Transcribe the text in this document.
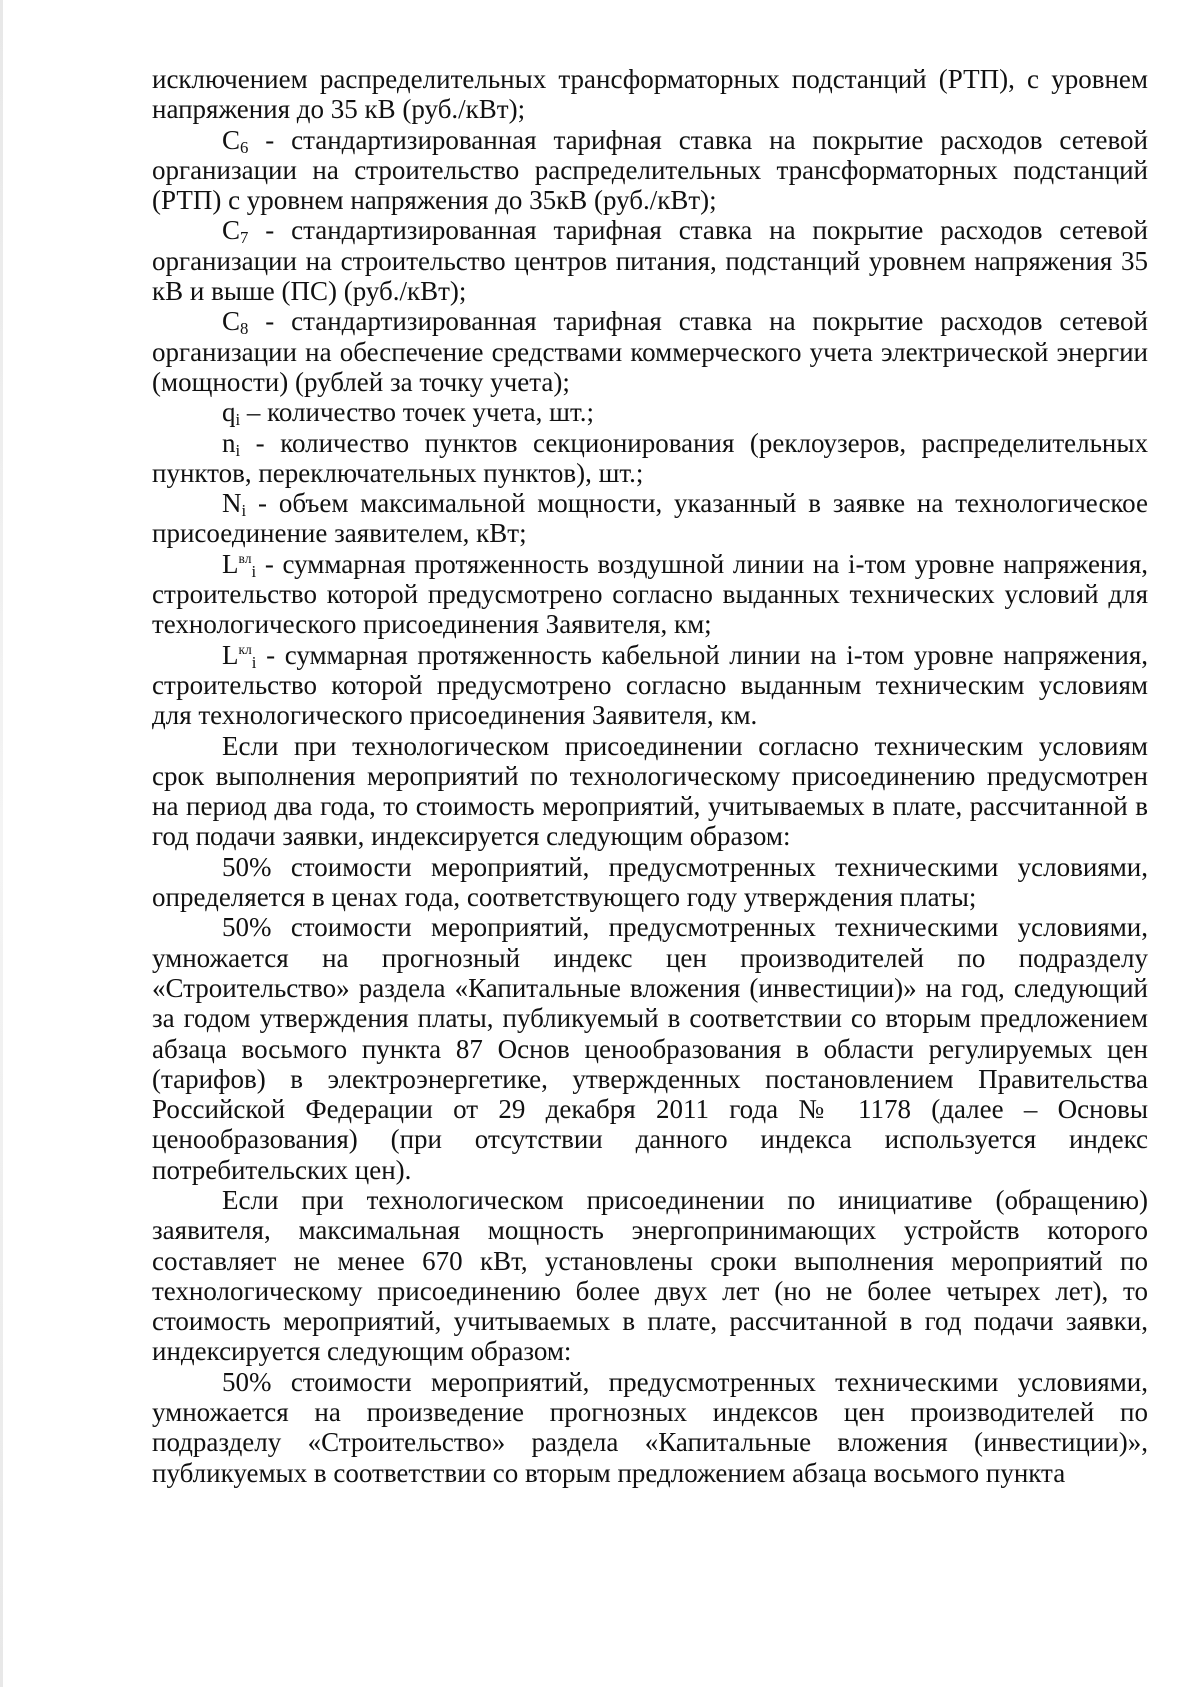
исключением распределительных трансформаторных подстанций (РТП), с уровнем напряжения до 35 кВ (руб./кВт);

$С_6$ - стандартизированная тарифная ставка на покрытие расходов сетевой организации на строительство распределительных трансформаторных подстанций (РТП) с уровнем напряжения до 35кВ (руб./кВт);

$С_7$ - стандартизированная тарифная ставка на покрытие расходов сетевой организации на строительство центров питания, подстанций уровнем напряжения 35 кВ и выше (ПС) (руб./кВт);

$С_8$ - стандартизированная тарифная ставка на покрытие расходов сетевой организации на обеспечение средствами коммерческого учета электрической энергии (мощности) (рублей за точку учета);

$q_i$ – количество точек учета, шт.;

$n_i$ - количество пунктов секционирования (реклоузеров, распределительных пунктов, переключательных пунктов), шт.;

$N_i$ - объем максимальной мощности, указанный в заявке на технологическое присоединение заявителем, кВт;

$L^{вл}_i$ - суммарная протяженность воздушной линии на i-том уровне напряжения, строительство которой предусмотрено согласно выданных технических условий для технологического присоединения Заявителя, км;

$L^{кл}_i$ - суммарная протяженность кабельной линии на i-том уровне напряжения, строительство которой предусмотрено согласно выданным техническим условиям для технологического присоединения Заявителя, км.

Если при технологическом присоединении согласно техническим условиям срок выполнения мероприятий по технологическому присоединению предусмотрен на период два года, то стоимость мероприятий, учитываемых в плате, рассчитанной в год подачи заявки, индексируется следующим образом:

50% стоимости мероприятий, предусмотренных техническими условиями, определяется в ценах года, соответствующего году утверждения платы;

50% стоимости мероприятий, предусмотренных техническими условиями, умножается на прогнозный индекс цен производителей по подразделу «Строительство» раздела «Капитальные вложения (инвестиции)» на год, следующий за годом утверждения платы, публикуемый в соответствии со вторым предложением абзаца восьмого пункта 87 Основ ценообразования в области регулируемых цен (тарифов) в электроэнергетике, утвержденных постановлением Правительства Российской Федерации от 29 декабря 2011 года № 1178 (далее – Основы ценообразования) (при отсутствии данного индекса используется индекс потребительских цен).

Если при технологическом присоединении по инициативе (обращению) заявителя, максимальная мощность энергопринимающих устройств которого составляет не менее 670 кВт, установлены сроки выполнения мероприятий по технологическому присоединению более двух лет (но не более четырех лет), то стоимость мероприятий, учитываемых в плате, рассчитанной в год подачи заявки, индексируется следующим образом:

50% стоимости мероприятий, предусмотренных техническими условиями, умножается на произведение прогнозных индексов цен производителей по подразделу «Строительство» раздела «Капитальные вложения (инвестиции)», публикуемых в соответствии со вторым предложением абзаца восьмого пункта
